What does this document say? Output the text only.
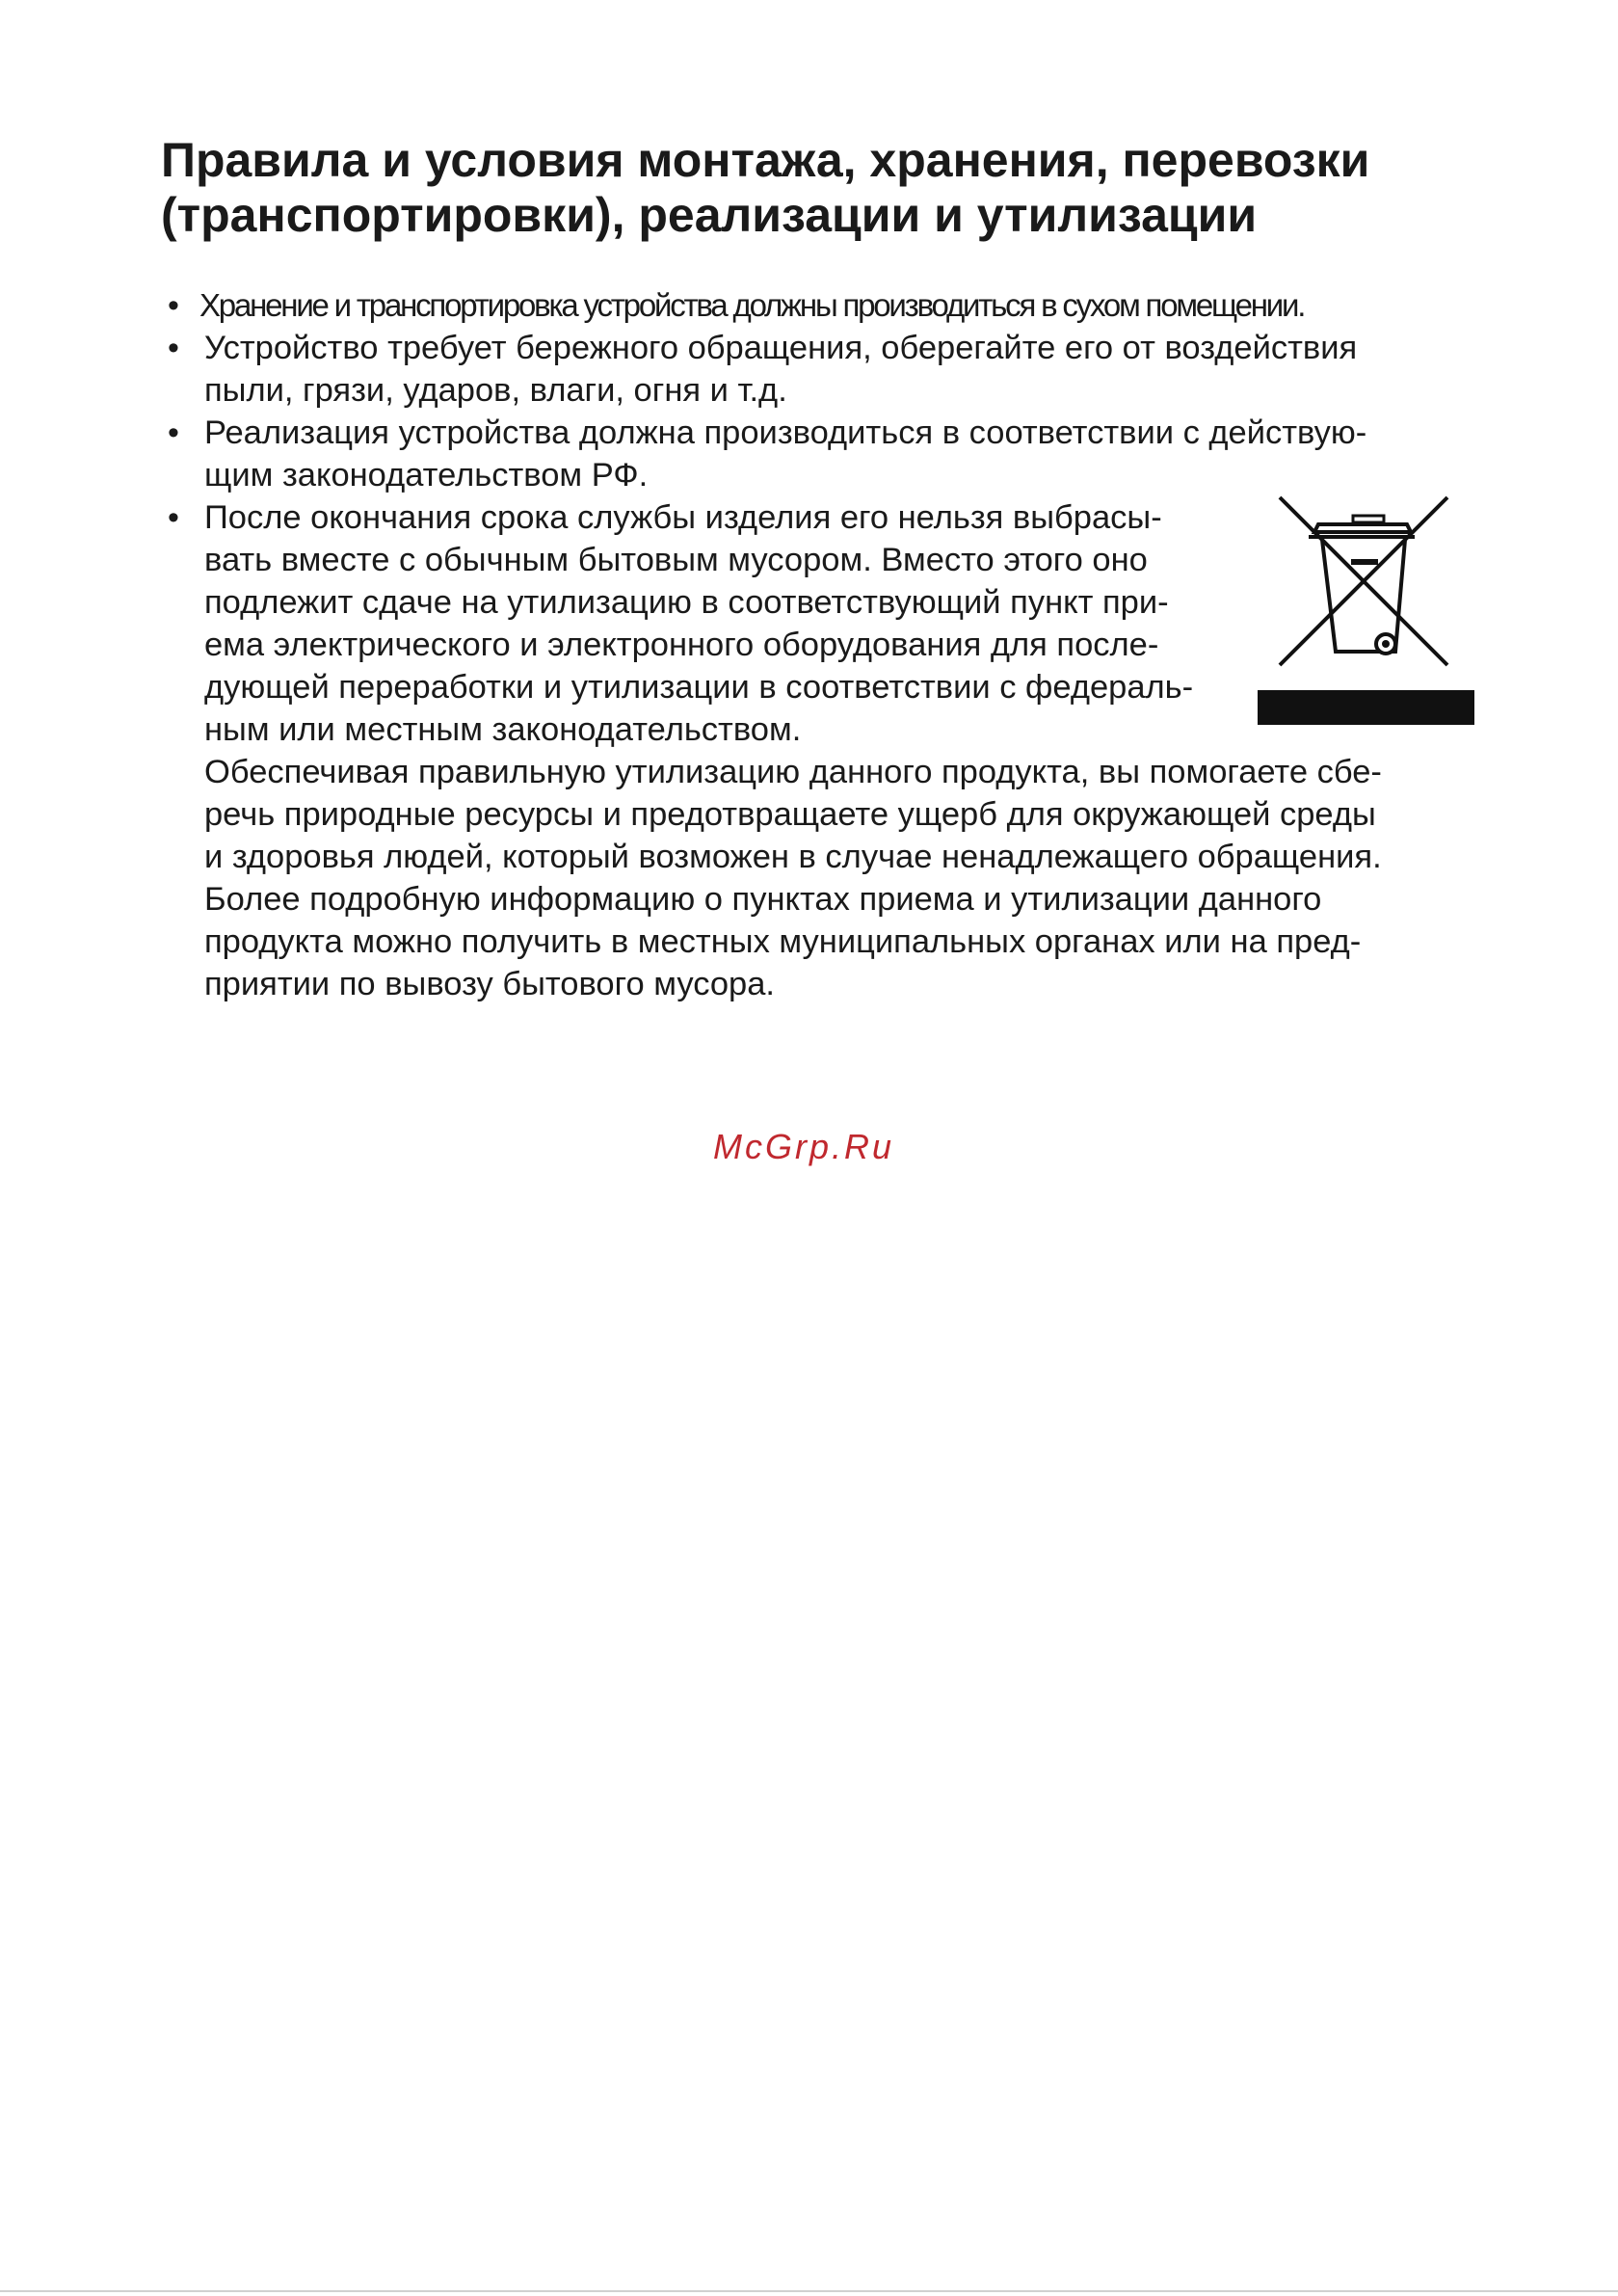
Правила и условия монтажа, хранения, перевозки
(транспортировки), реализации и утилизации
• Хранение и транспортировка устройства должны производиться в сухом помещении.
• Устройство требует бережного обращения, оберегайте его от воздействия
пыли, грязи, ударов, влаги, огня и т.д.
• Реализация устройства должна производиться в соответствии с действую-
щим законодательством РФ.
• После окончания срока службы изделия его нельзя выбрасы-
вать вместе с обычным бытовым мусором. Вместо этого оно
подлежит сдаче на утилизацию в соответствующий пункт при-
ема электрического и электронного оборудования для после-
дующей переработки и утилизации в соответствии с федераль-
ным или местным законодательством.
Обеспечивая правильную утилизацию данного продукта, вы помогаете сбе-
речь природные ресурсы и предотвращаете ущерб для окружающей среды
и здоровья людей, который возможен в случае ненадлежащего обращения.
Более подробную информацию о пунктах приема и утилизации данного
продукта можно получить в местных муниципальных органах или на пред-
приятии по вывозу бытового мусора.
McGrp.Ru
